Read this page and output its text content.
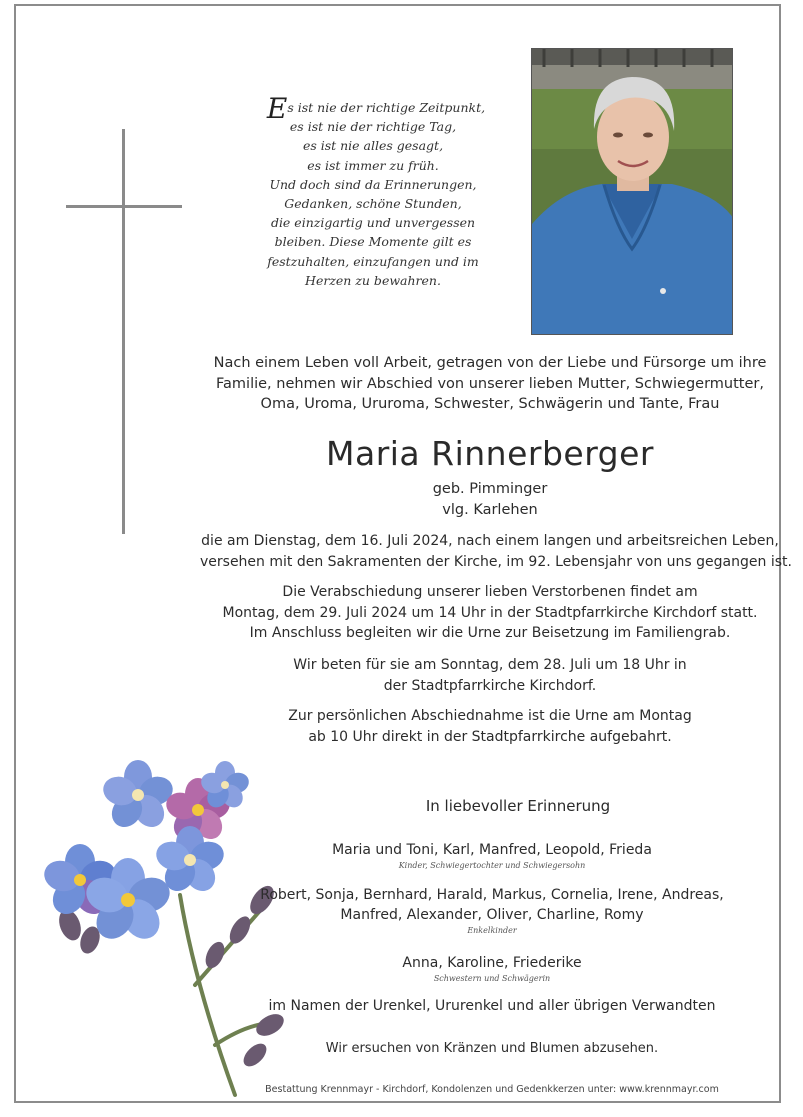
Es ist nie der richtige Zeitpunkt,
es ist nie der richtige Tag,
es ist nie alles gesagt,
es ist immer zu früh.
Und doch sind da Erinnerungen,
Gedanken, schöne Stunden,
die einzigartig und unvergessen
bleiben. Diese Momente gilt es
festzuhalten, einzufangen und im
Herzen zu bewahren.
Nach einem Leben voll Arbeit, getragen von der Liebe und Fürsorge um ihre
Familie, nehmen wir Abschied von unserer lieben Mutter, Schwiegermutter,
Oma, Uroma, Ururoma, Schwester, Schwägerin und Tante, Frau
Maria Rinnerberger
geb. Pimminger
vlg. Karlehen
die am Dienstag, dem 16. Juli 2024, nach einem langen und arbeitsreichen Leben,
versehen mit den Sakramenten der Kirche, im 92. Lebensjahr von uns gegangen ist.
Die Verabschiedung unserer lieben Verstorbenen findet am
Montag, dem 29. Juli 2024 um 14 Uhr in der Stadtpfarrkirche Kirchdorf statt.
Im Anschluss begleiten wir die Urne zur Beisetzung im Familiengrab.
Wir beten für sie am Sonntag, dem 28. Juli um 18 Uhr in
der Stadtpfarrkirche Kirchdorf.
Zur persönlichen Abschiednahme ist die Urne am Montag
ab 10 Uhr direkt in der Stadtpfarrkirche aufgebahrt.
In liebevoller Erinnerung
Maria und Toni, Karl, Manfred, Leopold, Frieda
Kinder, Schwiegertochter und Schwiegersohn
Robert, Sonja, Bernhard, Harald, Markus, Cornelia, Irene, Andreas,
Manfred, Alexander, Oliver, Charline, Romy
Enkelkinder
Anna, Karoline, Friederike
Schwestern und Schwägerin
im Namen der Urenkel, Ururenkel und aller übrigen Verwandten
Wir ersuchen von Kränzen und Blumen abzusehen.
Bestattung Krennmayr - Kirchdorf, Kondolenzen und Gedenkkerzen unter: www.krennmayr.com
